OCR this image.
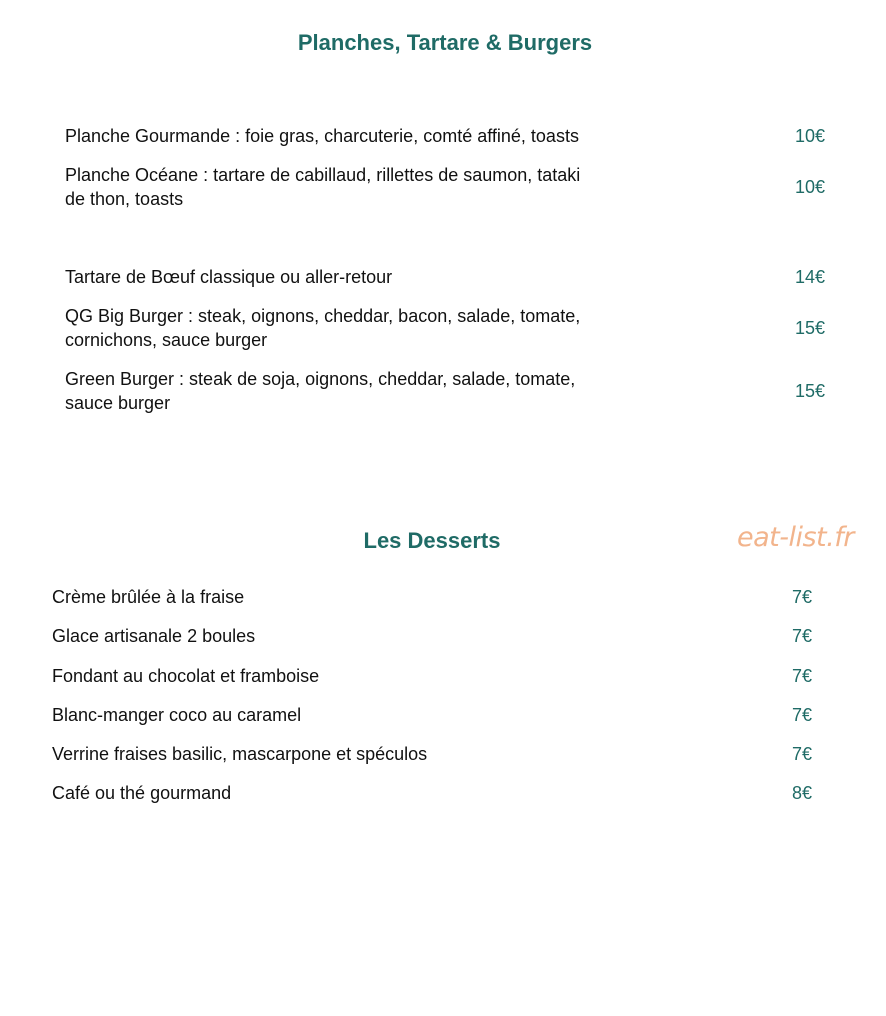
Planches, Tartare & Burgers
Planche Gourmande : foie gras, charcuterie, comté affiné, toasts	10€
Planche Océane : tartare de cabillaud, rillettes de saumon, tataki
de thon, toasts
10€
Tartare de Bœuf classique ou aller-retour	14€
QG Big Burger : steak, oignons, cheddar, bacon, salade, tomate,
cornichons, sauce burger
15€
Green Burger : steak de soja, oignons, cheddar, salade, tomate,
sauce burger
15€
Les Desserts	eat-list.fr
Crème brûlée à la fraise	7€
Glace artisanale 2 boules	7€
Fondant au chocolat et framboise	7€
Blanc-manger coco au caramel	7€
Verrine fraises basilic, mascarpone et spéculos	7€
Café ou thé gourmand	8€
